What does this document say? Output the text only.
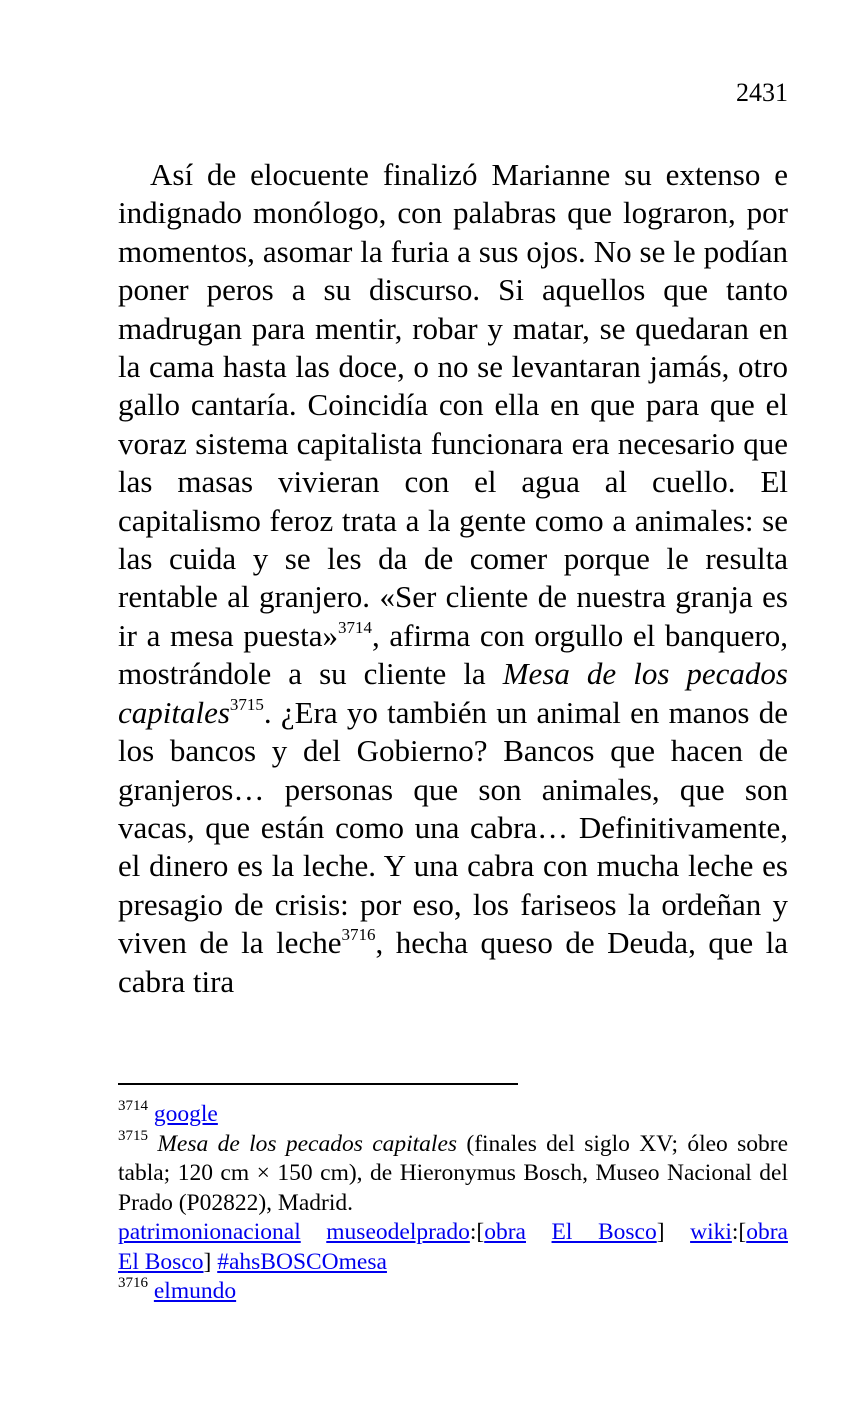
2431

Así de elocuente finalizó Marianne su extenso e indignado monólogo, con palabras que lograron, por momentos, asomar la furia a sus ojos. No se le podían poner peros a su discurso. Si aquellos que tanto madrugan para mentir, robar y matar, se quedaran en la cama hasta las doce, o no se levantaran jamás, otro gallo cantaría. Coincidía con ella en que para que el voraz sistema capitalista funcionara era necesario que las masas vivieran con el agua al cuello. El capitalismo feroz trata a la gente como a animales: se las cuida y se les da de comer porque le resulta rentable al granjero. «Ser cliente de nuestra granja es ir a mesa puesta»$^{3714}$, afirma con orgullo el banquero, mostrándole a su cliente la Mesa de los pecados capitales$^{3715}$. ¿Era yo también un animal en manos de los bancos y del Gobierno? Bancos que hacen de granjeros… personas que son animales, que son vacas, que están como una cabra… Definitivamente, el dinero es la leche. Y una cabra con mucha leche es presagio de crisis: por eso, los fariseos la ordeñan y viven de la leche$^{3716}$, hecha queso de Deuda, que la cabra tira

$^{3714}$ google
$^{3715}$ Mesa de los pecados capitales (finales del siglo XV; óleo sobre tabla; 120 cm × 150 cm), de Hieronymus Bosch, Museo Nacional del Prado (P02822), Madrid.
patrimonionacional museodelprado:[obra El Bosco] wiki:[obra
El Bosco] #ahsBOSCOmesa
$^{3716}$ elmundo
